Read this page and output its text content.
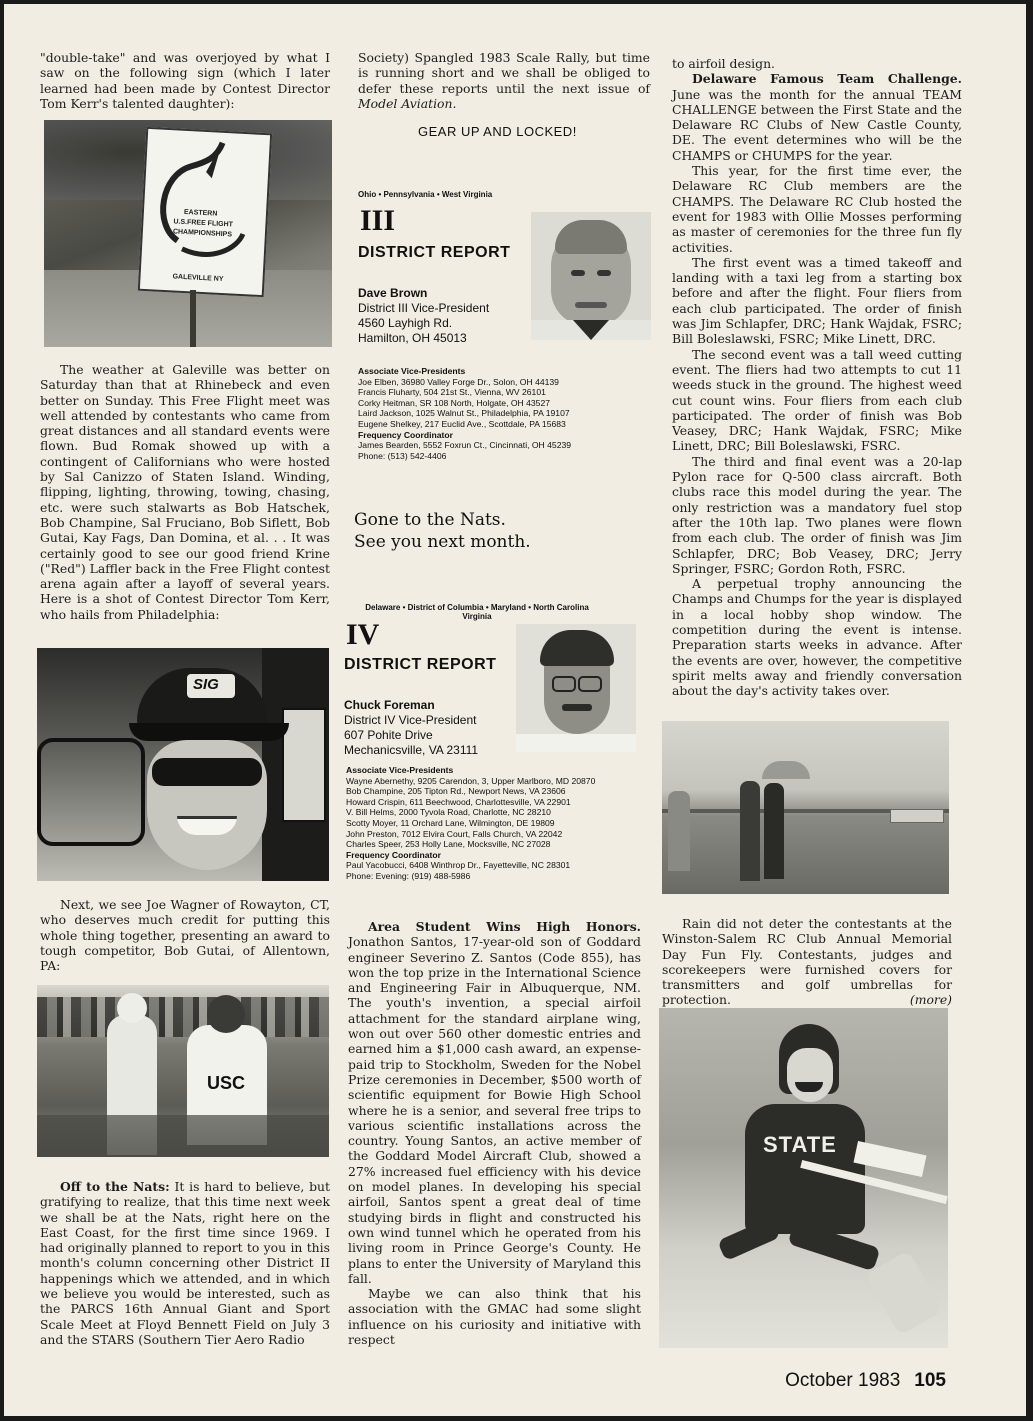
"double-take" and was overjoyed by what I saw on the following sign (which I later learned had been made by Contest Director Tom Kerr's talented daughter):

EASTERN
U.S.FREE FLIGHT
CHAMPIONSHIPS
GALEVILLE NY

The weather at Galeville was better on Saturday than that at Rhinebeck and even better on Sunday. This Free Flight meet was well attended by contestants who came from great distances and all standard events were flown. Bud Romak showed up with a contingent of Californians who were hosted by Sal Canizzo of Staten Island. Winding, flipping, lighting, throwing, towing, chasing, etc. were such stalwarts as Bob Hatschek, Bob Champine, Sal Fruciano, Bob Siflett, Bob Gutai, Kay Fags, Dan Domina, et al. . . It was certainly good to see our good friend Krine ("Red") Laffler back in the Free Flight contest arena again after a layoff of several years. Here is a shot of Contest Director Tom Kerr, who hails from Philadelphia:

SIG

Next, we see Joe Wagner of Rowayton, CT, who deserves much credit for putting this whole thing together, presenting an award to tough competitor, Bob Gutai, of Allentown, PA:

USC

Off to the Nats: It is hard to believe, but gratifying to realize, that this time next week we shall be at the Nats, right here on the East Coast, for the first time since 1969. I had originally planned to report to you in this month's column concerning other District II happenings which we attended, and in which we believe you would be interested, such as the PARCS 16th Annual Giant and Sport Scale Meet at Floyd Bennett Field on July 3 and the STARS (Southern Tier Aero Radio

Society) Spangled 1983 Scale Rally, but time is running short and we shall be obliged to defer these reports until the next issue of Model Aviation.

GEAR UP AND LOCKED!
Ohio • Pennsylvania • West Virginia
III
DISTRICT REPORT
Dave Brown
District III Vice-President
4560 Layhigh Rd.
Hamilton, OH 45013
Associate Vice-Presidents
Joe Elben, 36980 Valley Forge Dr., Solon, OH 44139
Francis Fluharty, 504 21st St., Vienna, WV 26101
Corky Heitman, SR 108 North, Holgate, OH 43527
Laird Jackson, 1025 Walnut St., Philadelphia, PA 19107
Eugene Shelkey, 217 Euclid Ave., Scottdale, PA 15683
Frequency Coordinator
James Bearden, 5552 Foxrun Ct., Cincinnati, OH 45239
Phone: (513) 542-4406
Gone to the Nats.
See you next month.
Delaware • District of Columbia • Maryland • North Carolina
Virginia
IV
DISTRICT REPORT
Chuck Foreman
District IV Vice-President
607 Pohite Drive
Mechanicsville, VA 23111
Associate Vice-Presidents
Wayne Abernethy, 9205 Carendon, 3, Upper Marlboro, MD 20870
Bob Champine, 205 Tipton Rd., Newport News, VA 23606
Howard Crispin, 611 Beechwood, Charlottesville, VA 22901
V. Bill Helms, 2000 Tyvola Road, Charlotte, NC 28210
Scotty Moyer, 11 Orchard Lane, Wilmington, DE 19809
John Preston, 7012 Elvira Court, Falls Church, VA 22042
Charles Speer, 253 Holly Lane, Mocksville, NC 27028
Frequency Coordinator
Paul Yacobucci, 6408 Winthrop Dr., Fayetteville, NC 28301
Phone: Evening: (919) 488-5986

Area Student Wins High Honors. Jonathon Santos, 17-year-old son of Goddard engineer Severino Z. Santos (Code 855), has won the top prize in the International Science and Engineering Fair in Albuquerque, NM. The youth's invention, a special airfoil attachment for the standard airplane wing, won out over 560 other domestic entries and earned him a $1,000 cash award, an expense-paid trip to Stockholm, Sweden for the Nobel Prize ceremonies in December, $500 worth of scientific equipment for Bowie High School where he is a senior, and several free trips to various scientific installations across the country. Young Santos, an active member of the Goddard Model Aircraft Club, showed a 27% increased fuel efficiency with his device on model planes. In developing his special airfoil, Santos spent a great deal of time studying birds in flight and constructed his own wind tunnel which he operated from his living room in Prince George's County. He plans to enter the University of Maryland this fall.

Maybe we can also think that his association with the GMAC had some slight influence on his curiosity and initiative with respect

to airfoil design.

Delaware Famous Team Challenge. June was the month for the annual TEAM CHALLENGE between the First State and the Delaware RC Clubs of New Castle County, DE. The event determines who will be the CHAMPS or CHUMPS for the year.

This year, for the first time ever, the Delaware RC Club members are the CHAMPS. The Delaware RC Club hosted the event for 1983 with Ollie Mosses performing as master of ceremonies for the three fun fly activities.

The first event was a timed takeoff and landing with a taxi leg from a starting box before and after the flight. Four fliers from each club participated. The order of finish was Jim Schlapfer, DRC; Hank Wajdak, FSRC; Bill Boleslawski, FSRC; Mike Linett, DRC.

The second event was a tall weed cutting event. The fliers had two attempts to cut 11 weeds stuck in the ground. The highest weed cut count wins. Four fliers from each club participated. The order of finish was Bob Veasey, DRC; Hank Wajdak, FSRC; Mike Linett, DRC; Bill Boleslawski, FSRC.

The third and final event was a 20-lap Pylon race for Q-500 class aircraft. Both clubs race this model during the year. The only restriction was a mandatory fuel stop after the 10th lap. Two planes were flown from each club. The order of finish was Jim Schlapfer, DRC; Bob Veasey, DRC; Jerry Springer, FSRC; Gordon Roth, FSRC.

A perpetual trophy announcing the Champs and Chumps for the year is displayed in a local hobby shop window. The competition during the event is intense. Preparation starts weeks in advance. After the events are over, however, the competitive spirit melts away and friendly conversation about the day's activity takes over.

Rain did not deter the contestants at the Winston-Salem RC Club Annual Memorial Day Fun Fly. Contestants, judges and scorekeepers were furnished covers for transmitters and golf umbrellas for protection.	(more)

STATE
October 1983 105
